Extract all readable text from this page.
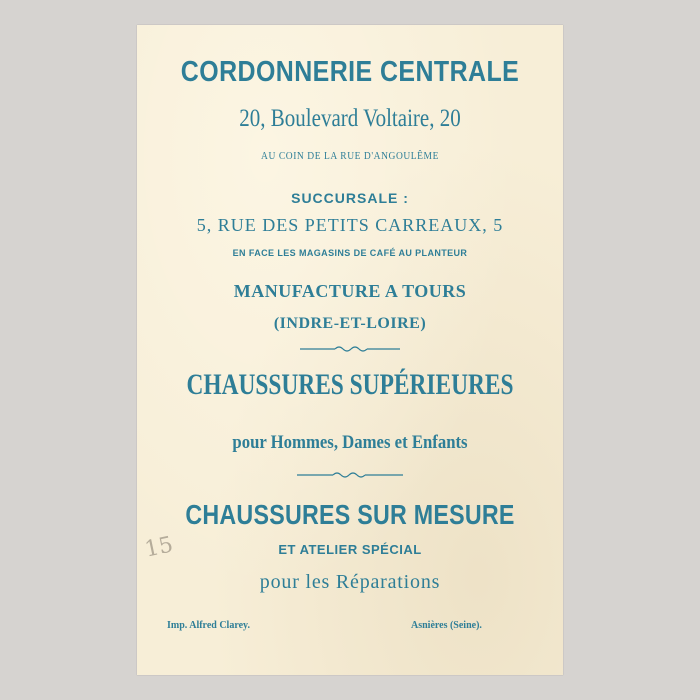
15
CORDONNERIE CENTRALE
20, Boulevard Voltaire, 20
AU COIN DE LA RUE D'ANGOULÊME
SUCCURSALE :
5, RUE DES PETITS CARREAUX, 5
EN FACE LES MAGASINS DE CAFÉ AU PLANTEUR
MANUFACTURE A TOURS
(INDRE-ET-LOIRE)
CHAUSSURES SUPÉRIEURES
pour Hommes, Dames et Enfants
CHAUSSURES SUR MESURE
ET ATELIER SPÉCIAL
pour les Réparations
Imp. Alfred Clarey.	Asnières (Seine).
